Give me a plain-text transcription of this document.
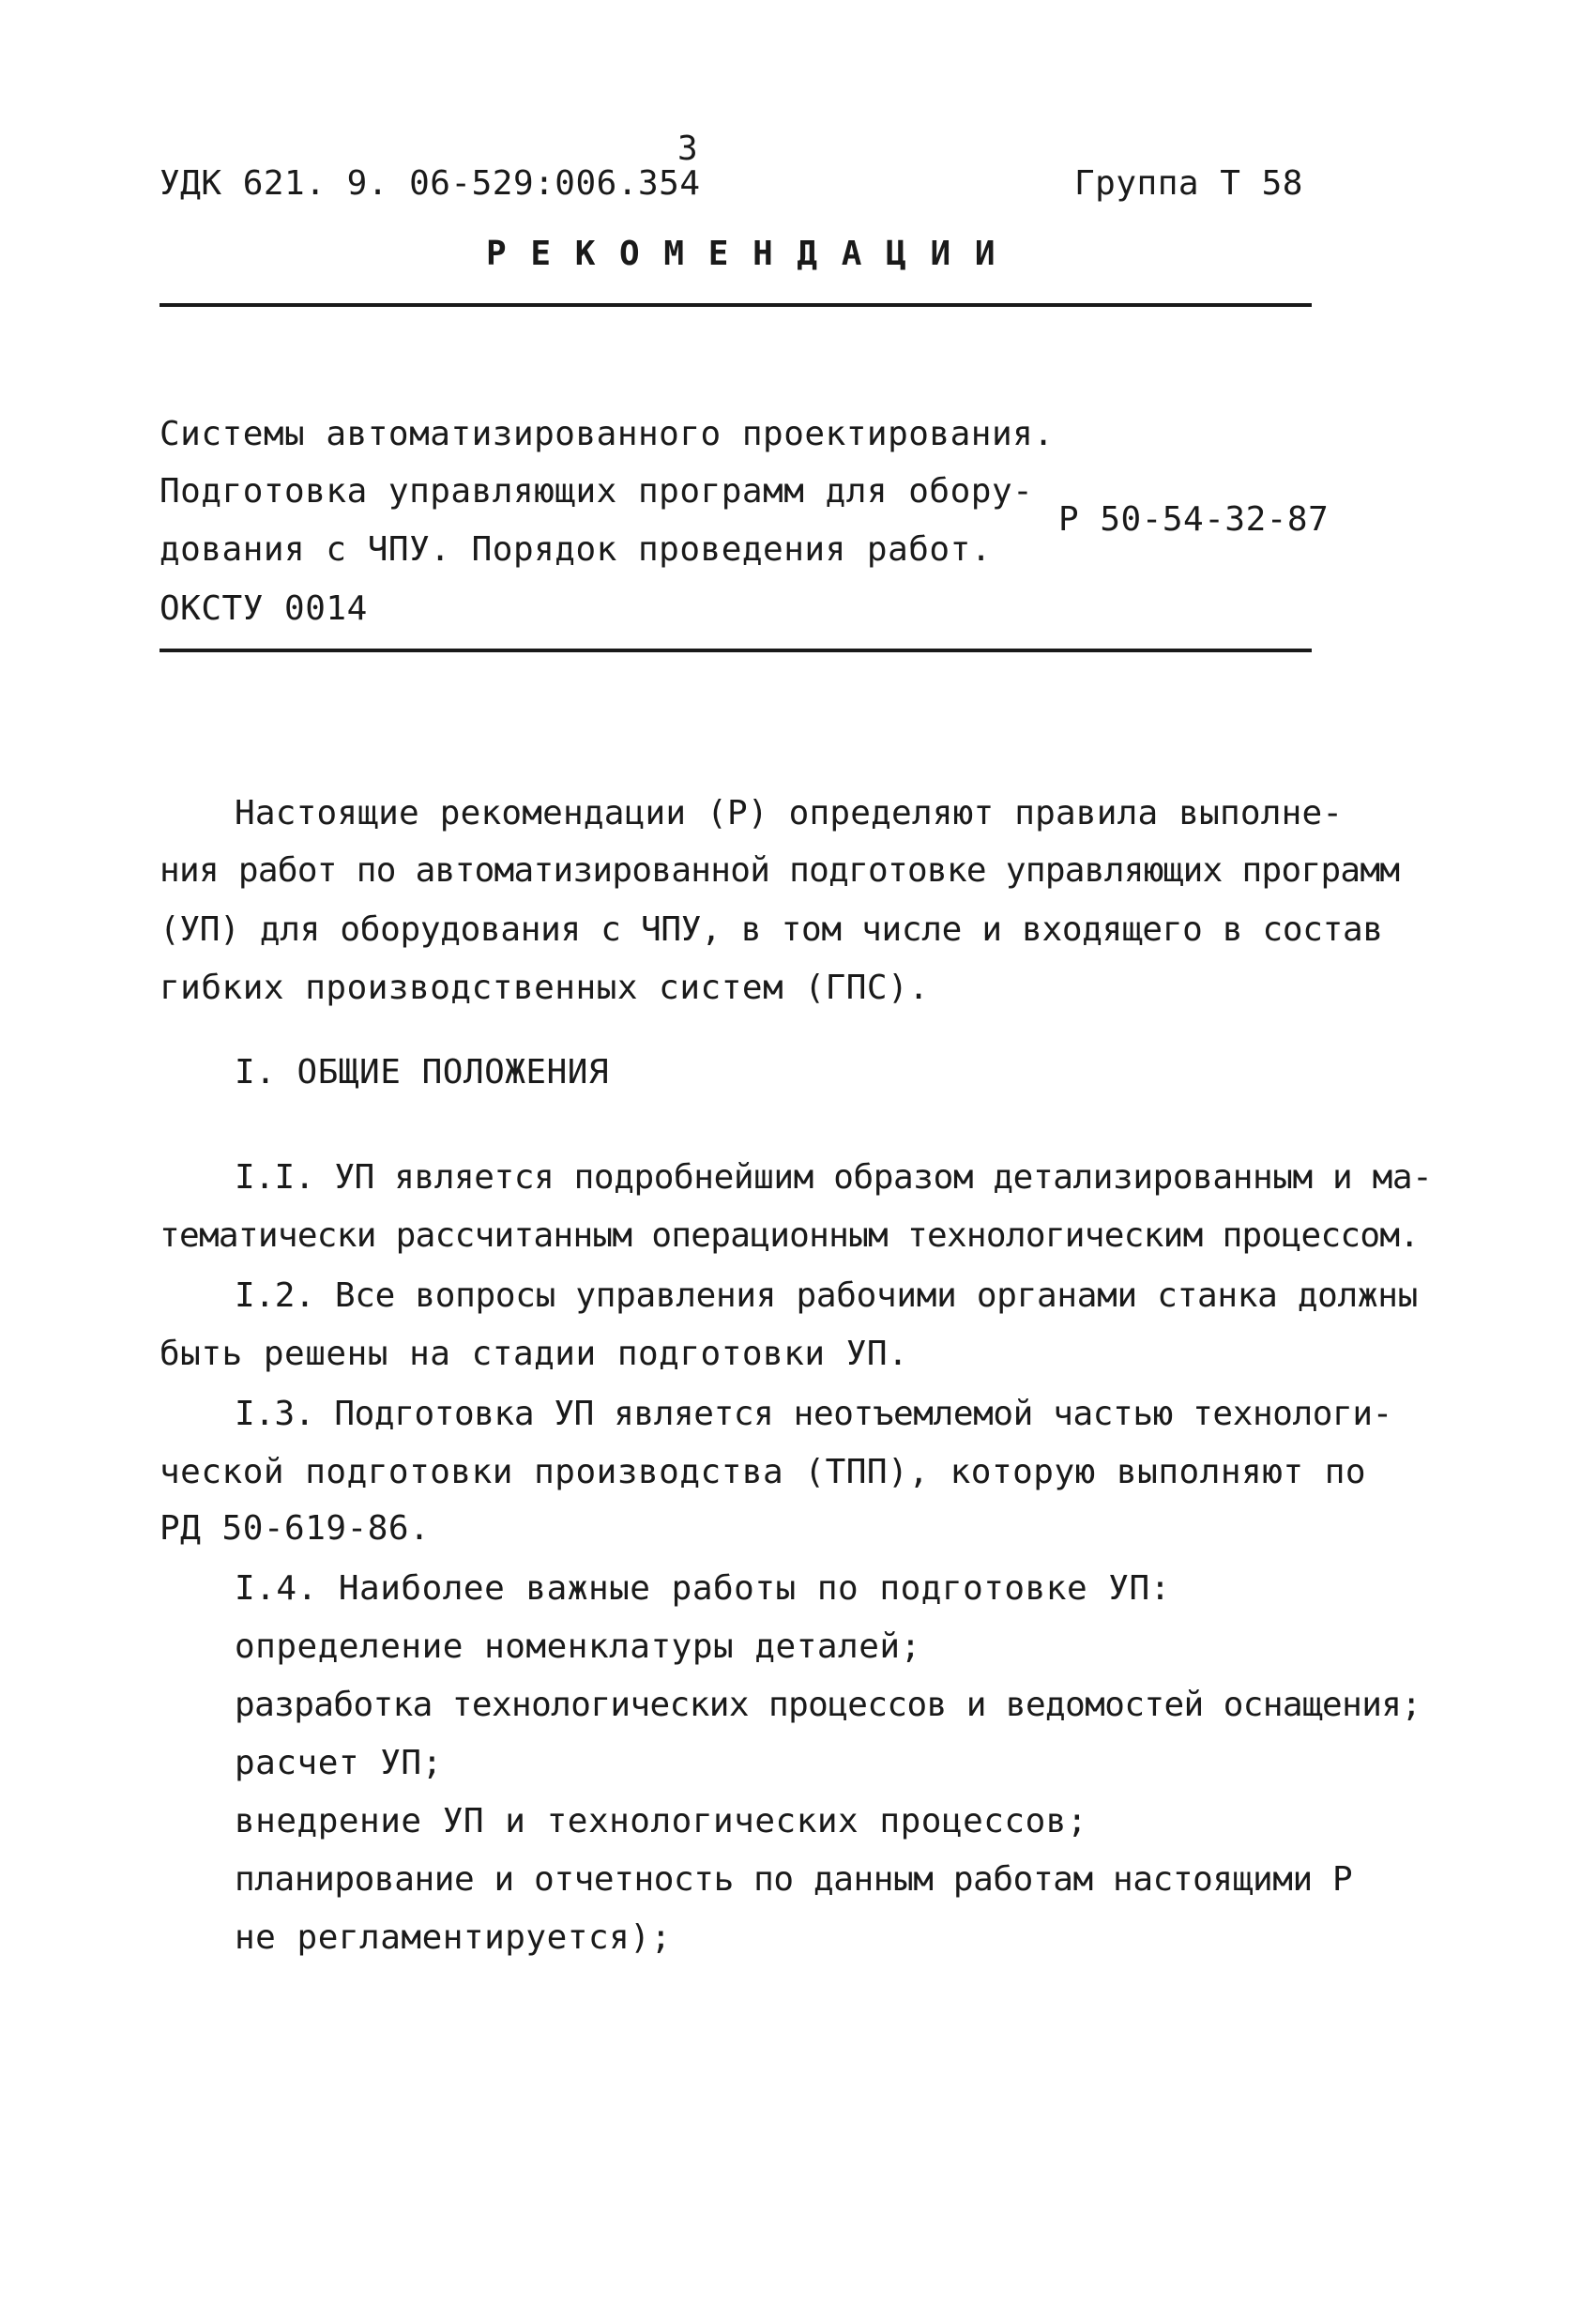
3
УДК 621. 9. 06-529:006.354	Группа Т 58
Р Е К О М Е Н Д А Ц И И
Системы автоматизированного проектирования.
Подготовка управляющих программ для обору-
дования с ЧПУ. Порядок проведения работ.
ОКСТУ 0014
Р 50-54-32-87
Настоящие рекомендации (Р) определяют правила выполне-
ния работ по автоматизированной подготовке управляющих программ
(УП) для оборудования с ЧПУ, в том числе и входящего в состав
гибких производственных систем (ГПС).
I. ОБЩИЕ ПОЛОЖЕНИЯ
I.I. УП является подробнейшим образом детализированным и ма-
тематически рассчитанным операционным технологическим процессом.
I.2. Все вопросы управления рабочими органами станка должны
быть решены на стадии подготовки УП.
I.3. Подготовка УП является неотъемлемой частью технологи-
ческой подготовки производства (ТПП), которую выполняют по
РД 50-619-86.
I.4. Наиболее важные работы по подготовке УП:
определение номенклатуры деталей;
разработка технологических процессов и ведомостей оснащения;
расчет УП;
внедрение УП и технологических процессов;
планирование и отчетность по данным работам настоящими Р
не регламентируется);
